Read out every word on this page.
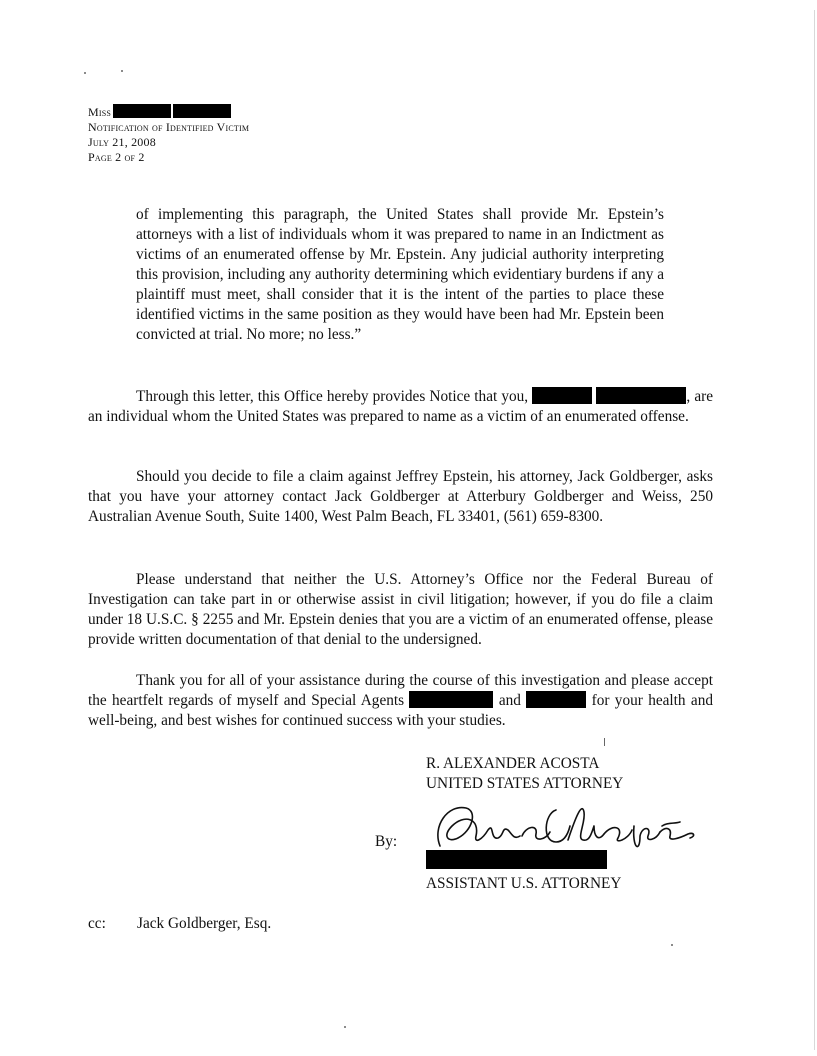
Miss
Notification of Identified Victim
July 21, 2008
Page 2 of 2

of implementing this paragraph, the United States shall provide Mr. Epstein’s attorneys with a list of individuals whom it was prepared to name in an Indictment as victims of an enumerated offense by Mr. Epstein. Any judicial authority interpreting this provision, including any authority determining which evidentiary burdens if any a plaintiff must meet, shall consider that it is the intent of the parties to place these identified victims in the same position as they would have been had Mr. Epstein been convicted at trial. No more; no less.”

Through this letter, this Office hereby provides Notice that you,	, are an individual whom the United States was prepared to name as a victim of an enumerated offense.

Should you decide to file a claim against Jeffrey Epstein, his attorney, Jack Goldberger, asks that you have your attorney contact Jack Goldberger at Atterbury Goldberger and Weiss, 250 Australian Avenue South, Suite 1400, West Palm Beach, FL 33401, (561) 659-8300.

Please understand that neither the U.S. Attorney’s Office nor the Federal Bureau of Investigation can take part in or otherwise assist in civil litigation; however, if you do file a claim under 18 U.S.C. § 2255 and Mr. Epstein denies that you are a victim of an enumerated offense, please provide written documentation of that denial to the undersigned.

Thank you for all of your assistance during the course of this investigation and please accept the heartfelt regards of myself and Special Agents	and	for your health and well-being, and best wishes for continued success with your studies.

R. ALEXANDER ACOSTA
UNITED STATES ATTORNEY
By:
ASSISTANT U.S. ATTORNEY
cc: Jack Goldberger, Esq.
